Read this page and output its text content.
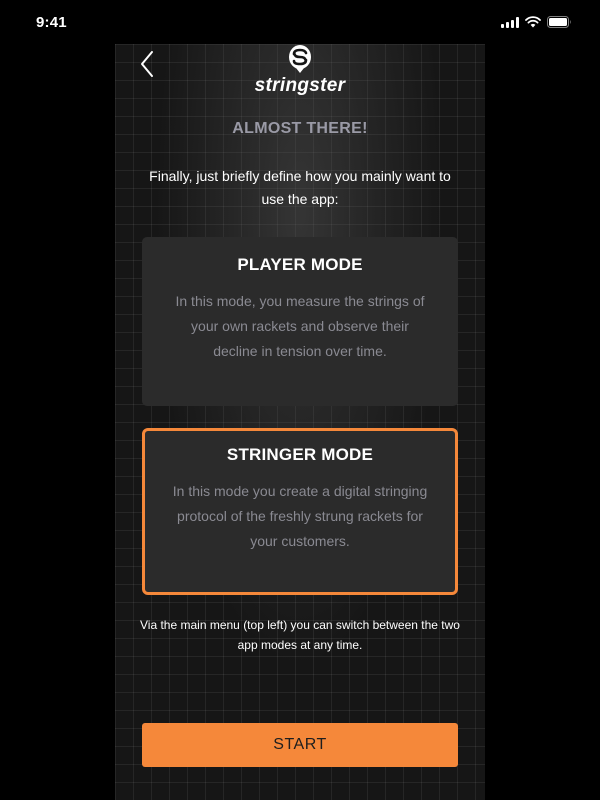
9:41
stringster
ALMOST THERE!
Finally, just briefly define how you mainly want to use the app:
PLAYER MODE
In this mode, you measure the strings of your own rackets and observe their decline in tension over time.
STRINGER MODE
In this mode you create a digital stringing protocol of the freshly strung rackets for your customers.
Via the main menu (top left) you can switch between the two app modes at any time.
START
